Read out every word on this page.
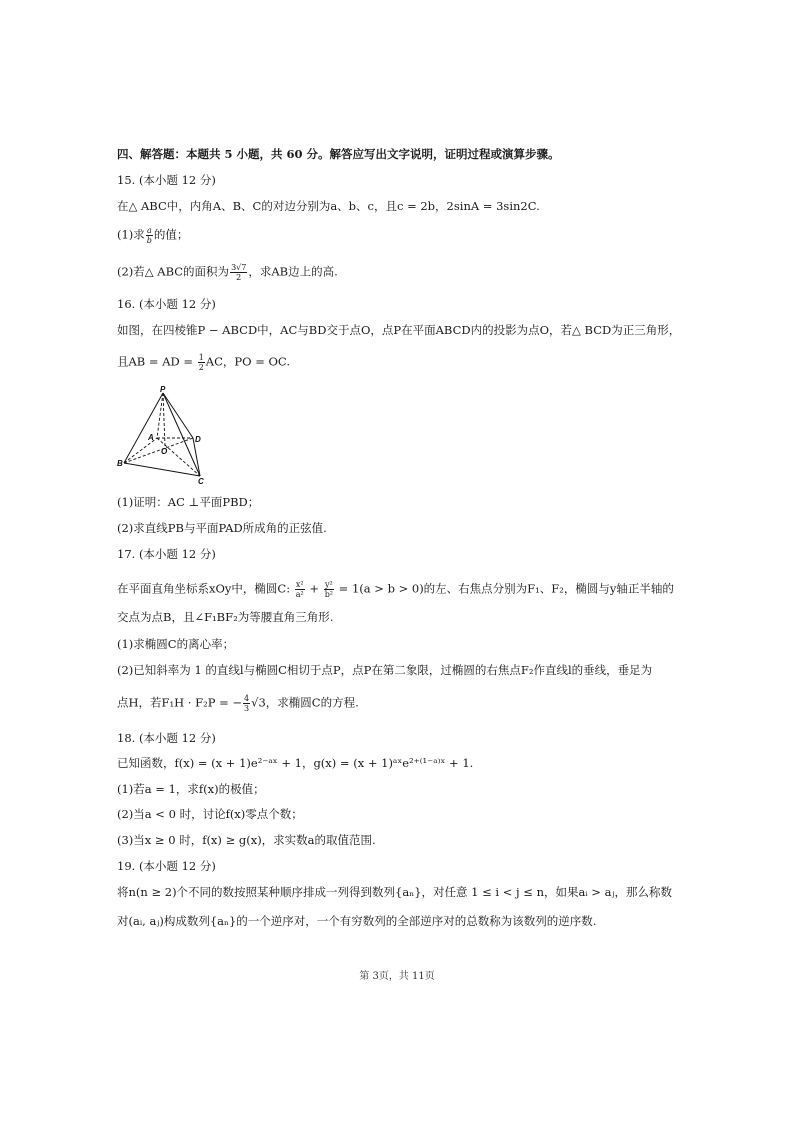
四、解答题：本题共 5 小题，共 60 分。解答应写出文字说明，证明过程或演算步骤。
15. (本小题 12 分)
在△ ABC中，内角A、B、C的对边分别为a、b、c，且c = 2b，2sinA = 3sin2C.
(1)求 $\frac{a}{b}$ 的值；
(2)若△ ABC的面积为 $\frac{3√7}{2}$ ，求AB边上的高.
16. (本小题 12 分)
如图，在四棱锥P − ABCD中，AC与BD交于点O，点P在平面ABCD内的投影为点O，若△ BCD为正三角形，
且AB = AD = $\frac{1}{2}$ AC，PO = OC.
P
A
B
C
D
O
(1)证明：AC ⊥平面PBD；
(2)求直线PB与平面PAD所成角的正弦值.
17. (本小题 12 分)
在平面直角坐标系xOy中，椭圆C: $\frac{\text{x²}}{\text{a²}} + \frac{\text{y²}}{\text{b²}} = 1(a > b > 0)$的左、右焦点分别为F₁、F₂，椭圆与y轴正半轴的
交点为点B，且∠F₁BF₂为等腰直角三角形.
(1)求椭圆C的离心率；
(2)已知斜率为 1 的直线l与椭圆C相切于点P，点P在第二象限，过椭圆的右焦点F₂作直线l的垂线，垂足为
点H，若F₁H · F₂P = − $\frac{4}{3} √3$，求椭圆C的方程.
18. (本小题 12 分)
已知函数，f(x) = (x + 1)e²⁻ᵃˣ + 1，g(x) = (x + 1)ᵃˣe²⁺⁽¹⁻ᵃ⁾ˣ + 1.
(1)若a = 1，求f(x)的极值；
(2)当a < 0 时，讨论f(x)零点个数；
(3)当x ≥ 0 时，f(x) ≥ g(x)，求实数a的取值范围.
19. (本小题 12 分)
将n(n ≥ 2)个不同的数按照某种顺序排成一列得到数列{aₙ}，对任意 1 ≤ i < j ≤ n，如果aᵢ > aⱼ，那么称数
对(aᵢ, aⱼ)构成数列{aₙ}的一个逆序对，一个有穷数列的全部逆序对的总数称为该数列的逆序数.
第 3页，共 11页
